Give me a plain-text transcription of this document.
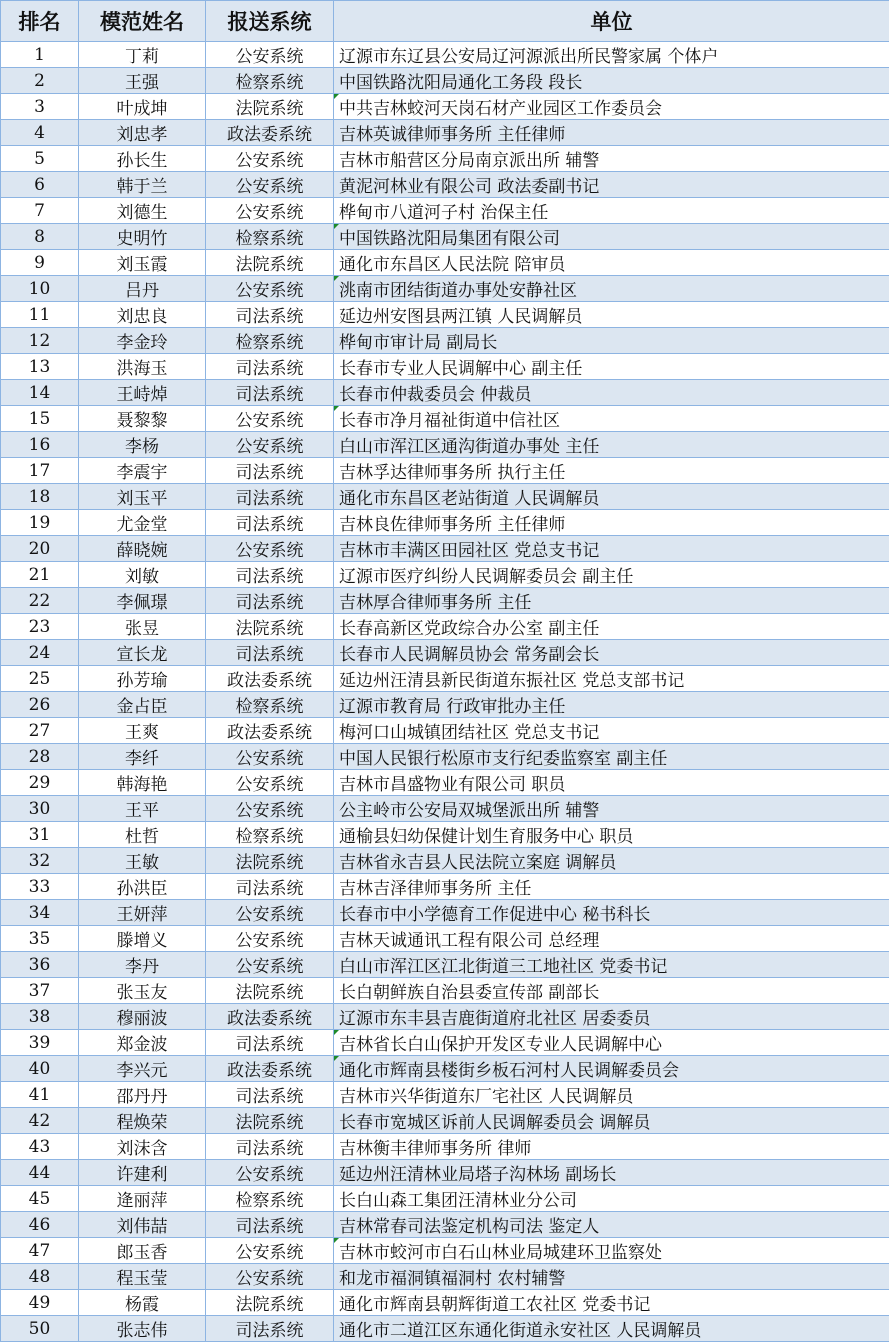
排名	模范姓名	报送系统	单位
1	丁莉	公安系统	辽源市东辽县公安局辽河源派出所民警家属 个体户
2	王强	检察系统	中国铁路沈阳局通化工务段 段长
3	叶成坤	法院系统	中共吉林蛟河天岗石材产业园区工作委员会

4	刘忠孝	政法委系统	吉林英诚律师事务所 主任律师
5	孙长生	公安系统	吉林市船营区分局南京派出所 辅警
6	韩于兰	公安系统	黄泥河林业有限公司 政法委副书记
7	刘德生	公安系统	桦甸市八道河子村 治保主任
8	史明竹	检察系统	中国铁路沈阳局集团有限公司

9	刘玉霞	法院系统	通化市东昌区人民法院 陪审员
10	吕丹	公安系统	洮南市团结街道办事处安静社区

11	刘忠良	司法系统	延边州安图县两江镇 人民调解员
12	李金玲	检察系统	桦甸市审计局 副局长
13	洪海玉	司法系统	长春市专业人民调解中心 副主任
14	王峙焯	司法系统	长春市仲裁委员会 仲裁员
15	聂黎黎	公安系统	长春市净月福祉街道中信社区

16	李杨	公安系统	白山市浑江区通沟街道办事处 主任
17	李震宇	司法系统	吉林孚达律师事务所 执行主任
18	刘玉平	司法系统	通化市东昌区老站街道 人民调解员
19	尤金堂	司法系统	吉林良佐律师事务所 主任律师
20	薛晓婉	公安系统	吉林市丰满区田园社区 党总支书记
21	刘敏	司法系统	辽源市医疗纠纷人民调解委员会 副主任
22	李佩璟	司法系统	吉林厚合律师事务所 主任
23	张昱	法院系统	长春高新区党政综合办公室 副主任
24	宣长龙	司法系统	长春市人民调解员协会 常务副会长
25	孙芳瑜	政法委系统	延边州汪清县新民街道东振社区 党总支部书记
26	金占臣	检察系统	辽源市教育局 行政审批办主任
27	王爽	政法委系统	梅河口山城镇团结社区 党总支书记
28	李纤	公安系统	中国人民银行松原市支行纪委监察室 副主任
29	韩海艳	公安系统	吉林市昌盛物业有限公司 职员
30	王平	公安系统	公主岭市公安局双城堡派出所 辅警
31	杜哲	检察系统	通榆县妇幼保健计划生育服务中心 职员
32	王敏	法院系统	吉林省永吉县人民法院立案庭 调解员
33	孙洪臣	司法系统	吉林吉泽律师事务所 主任
34	王妍萍	公安系统	长春市中小学德育工作促进中心 秘书科长
35	滕增义	公安系统	吉林天诚通讯工程有限公司 总经理
36	李丹	公安系统	白山市浑江区江北街道三工地社区 党委书记
37	张玉友	法院系统	长白朝鲜族自治县委宣传部 副部长
38	穆丽波	政法委系统	辽源市东丰县吉鹿街道府北社区 居委委员
39	郑金波	司法系统	吉林省长白山保护开发区专业人民调解中心

40	李兴元	政法委系统	通化市辉南县楼街乡板石河村人民调解委员会

41	邵丹丹	司法系统	吉林市兴华街道东厂宅社区 人民调解员
42	程焕荣	法院系统	长春市宽城区诉前人民调解委员会 调解员
43	刘沫含	司法系统	吉林衡丰律师事务所 律师
44	许建利	公安系统	延边州汪清林业局塔子沟林场 副场长
45	逄丽萍	检察系统	长白山森工集团汪清林业分公司
46	刘伟喆	司法系统	吉林常春司法鉴定机构司法 鉴定人
47	郎玉香	公安系统	吉林市蛟河市白石山林业局城建环卫监察处

48	程玉莹	公安系统	和龙市福洞镇福洞村 农村辅警
49	杨霞	法院系统	通化市辉南县朝辉街道工农社区 党委书记
50	张志伟	司法系统	通化市二道江区东通化街道永安社区 人民调解员
